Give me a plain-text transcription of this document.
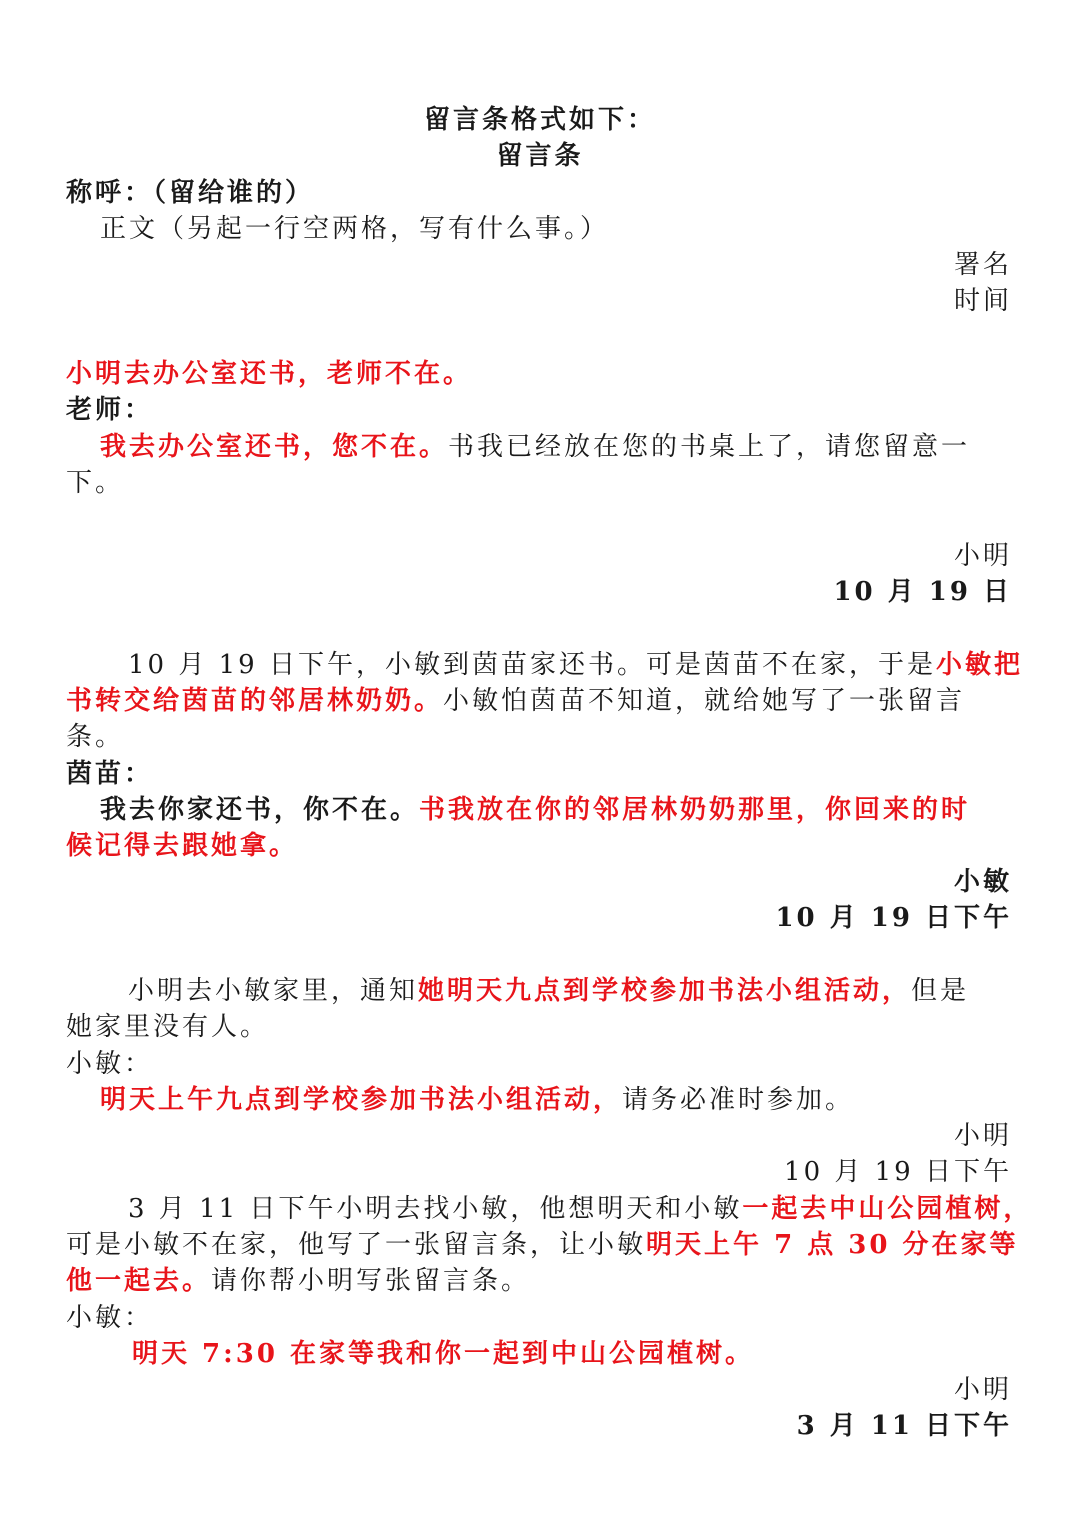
留言条格式如下：
留言条
称呼：（留给谁的）
正文（另起一行空两格，写有什么事。）
署名
时间
小明去办公室还书，老师不在。
老师：
我去办公室还书，您不在。书我已经放在您的书桌上了，请您留意一
下。
小明
10 月 19 日
10 月 19 日下午，小敏到茵苗家还书。可是茵苗不在家，于是小敏把
书转交给茵苗的邻居林奶奶。小敏怕茵苗不知道，就给她写了一张留言
条。
茵苗：
我去你家还书，你不在。书我放在你的邻居林奶奶那里，你回来的时
候记得去跟她拿。
小敏
10 月 19 日下午
小明去小敏家里，通知她明天九点到学校参加书法小组活动，但是
她家里没有人。
小敏：
明天上午九点到学校参加书法小组活动，请务必准时参加。
小明
10 月 19 日下午
3 月 11 日下午小明去找小敏，他想明天和小敏一起去中山公园植树，
可是小敏不在家，他写了一张留言条，让小敏明天上午 7 点 30 分在家等
他一起去。请你帮小明写张留言条。
小敏：
明天 7:30 在家等我和你一起到中山公园植树。
小明
3 月 11 日下午
